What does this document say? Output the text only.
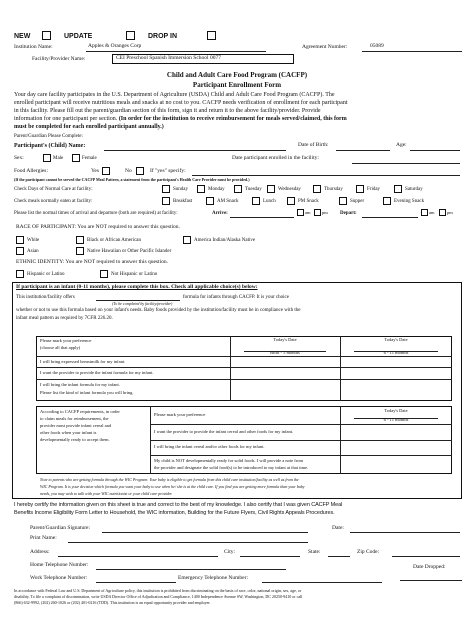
NEW	UPDATE	DROP IN
Institution Name:	Apples & Oranges Corp	Agreement Number:	05089
Facility/Provider Name:	CEI Preschool Spanish Immersion School 0077
Child and Adult Care Food Program (CACFP)
Participant Enrollment Form
Your day care facility participates in the U.S. Department of Agriculture (USDA) Child and Adult Care Food Program (CACFP). The
enrolled participant will receive nutritious meals and snacks at no cost to you. CACFP needs verification of enrollment for each participant
in this facility. Please fill out the parent/guardian section of this form, sign it and return it to the above facility/provider. Provide
information for one participant per section. (In order for the institution to receive reimbursement for meals served/claimed, this form
must be completed for each enrolled participant annually.)
Parent/Guardian Please Complete:
Participant's (Child) Name:	Date of Birth:	Age:
Sex:	Male	Female	Date participant enrolled in the facility:
Food Allergies:	Yes	No	If "yes" specify:
(If the participant cannot be served the CACFP Meal Pattern, a statement from the participant's Health Care Provider must be provided.)
Check Days of Normal Care at facility:	Sunday	Monday	Tuesday	Wednesday	Thursday	Friday	Saturday
Check meals normally eaten at facility:	Breakfast	AM Snack	Lunch	PM Snack	Supper	Evening Snack
Please list the normal times of arrival and departure (both are required) at facility:	Arrive:	am	pm Depart:	am	pm
RACE OF PARTICIPANT: You are NOT required to answer this question.
White	Black or African American	America Indian/Alaska Native
Asian	Native Hawaiian or Other Pacific Islander
ETHNIC IDENTITY: You are NOT required to answer this question.
Hispanic or Latino	Not Hispanic or Latino
If participant is an infant (0-11 months), please complete this box. Check all applicable choice(s) below:
This institution/facility offers
(To be completed by facility/provider)
formula for infants through CACFP. It is your choice
whether or not to use this formula based on your infant's needs. Baby foods provided by the institution/facility must be in compliance with the
infant meal pattern as required by 7CFR 226.20.
Please mark your preference
(choose all that apply)
Today's Date
Birth - 5 months
Today's Date
6 - 11 months
I will bring expressed breastmilk for my infant.
I want the provider to provide the infant formula for my infant.
I will bring the infant formula for my infant.
Please list the kind of infant formula you will bring.
According to CACFP requirements, in order
to claim meals for reimbursement, the
provider must provide infant cereal and
other foods when your infant is
developmentally ready to accept them.
Please mark your preference
Today's Date
6 - 11 months
I want the provider to provide the infant cereal and other foods for my infant.
I will bring the infant cereal and/or other foods for my infant.
My child is NOT developmentally ready for solid foods. I will provide a note from
the provider and designate the solid food(s) to be introduced to my infant at that time.
Note to parents who are getting formula through the WIC Program: Your baby is eligible to get formula from this child care institution/facility as well as from the
WIC Program. It is your decision which formula you want your baby to use when he/ she is at the child care. If you find you are getting more formula than your baby
needs, you may wish to talk with your WIC nutritionist or your child care provider.
I hereby certify the information given on this sheet is true and correct to the best of my knowledge. I also certify that I was given CACFP Meal
Benefits Income Eligibility Form Letter to Household, the WIC information, Building for the Future Flyers, Civil Rights Appeals Procedures.
Parent/Guardian Signature:	Date:
Print Name:
Address:	City:	State:	Zip Code:
Home Telephone Number:	Date Dropped:
Work Telephone Number:	Emergency Telephone Number:
In accordance with Federal Law and U.S. Department of Agriculture policy, this institution is prohibited from discriminating on the basis of race, color, national origin, sex, age, or
disability. To file a complaint of discrimination, write USDA Director Office of Adjudication and Compliance, 1400 Independence Avenue SW, Washington, DC 20250-9410 or call
(866) 632-9992, (202) 260-1026 or (202) 401-0216 (TDD). This institution is an equal opportunity provider and employer.
